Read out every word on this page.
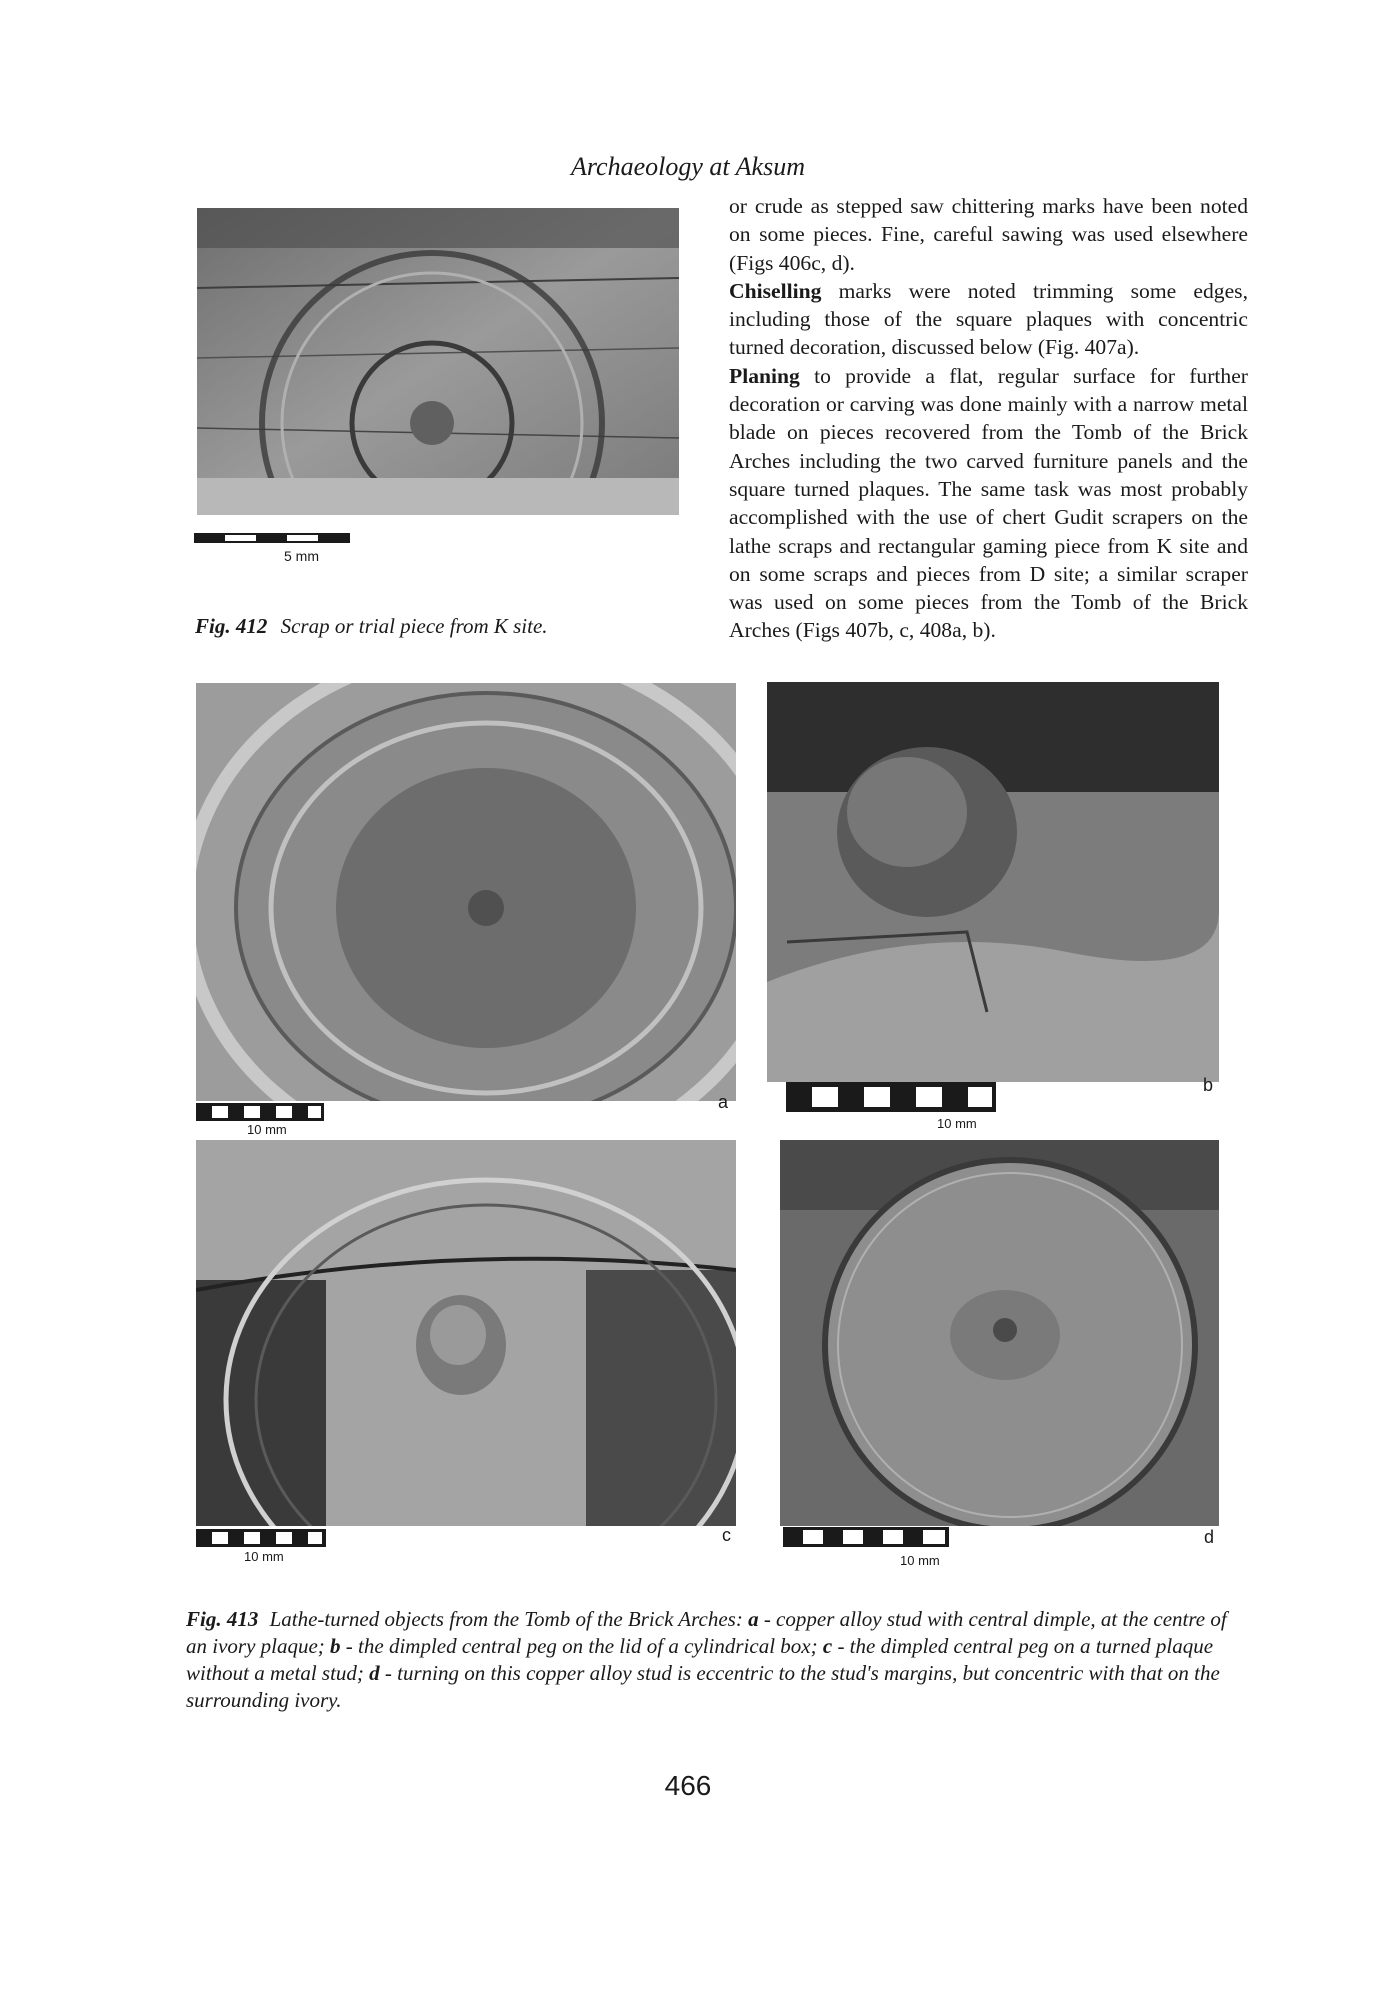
Archaeology at Aksum
5 mm
Fig. 412 Scrap or trial piece from K site.

or crude as stepped saw chittering marks have been noted on some pieces. Fine, careful sawing was used elsewhere (Figs 406c, d).

Chiselling marks were noted trimming some edges, including those of the square plaques with concentric turned decoration, discussed below (Fig. 407a).

Planing to provide a flat, regular surface for further decoration or carving was done mainly with a narrow metal blade on pieces recovered from the Tomb of the Brick Arches including the two carved furniture panels and the square turned plaques. The same task was most probably accomplished with the use of chert Gudit scrapers on the lathe scraps and rectangular gaming piece from K site and on some scraps and pieces from D site; a similar scraper was used on some pieces from the Tomb of the Brick Arches (Figs 407b, c, 408a, b).

10 mm
a
10 mm
b
10 mm
c
10 mm
d
Fig. 413 Lathe-turned objects from the Tomb of the Brick Arches: a - copper alloy stud with central dimple, at the centre of an ivory plaque; b - the dimpled central peg on the lid of a cylindrical box; c - the dimpled central peg on a turned plaque without a metal stud; d - turning on this copper alloy stud is eccentric to the stud's margins, but concentric with that on the surrounding ivory.
466
